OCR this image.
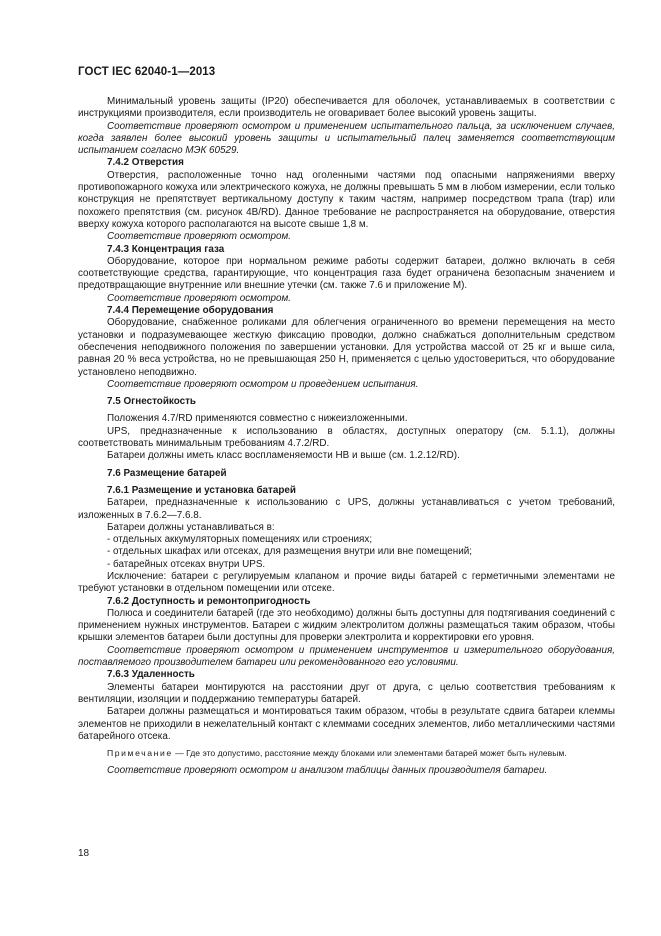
ГОСТ IEC 62040-1—2013

Минимальный уровень защиты (IP20) обеспечивается для оболочек, устанавливаемых в соответствии с инструкциями производителя, если производитель не оговаривает более высокий уровень защиты.

Соответствие проверяют осмотром и применением испытательного пальца, за исключением случаев, когда заявлен более высокий уровень защиты и испытательный палец заменяется соответствующим испытанием согласно МЭК 60529.

7.4.2 Отверстия

Отверстия, расположенные точно над оголенными частями под опасными напряжениями вверху противопожарного кожуха или электрического кожуха, не должны превышать 5 мм в любом измерении, если только конструкция не препятствует вертикальному доступу к таким частям, например посредством трапа (trap) или похожего препятствия (см. рисунок 4B/RD). Данное требование не распространяется на оборудование, отверстия вверху кожуха которого располагаются на высоте свыше 1,8 м.

Соответствие проверяют осмотром.

7.4.3 Концентрация газа

Оборудование, которое при нормальном режиме работы содержит батареи, должно включать в себя соответствующие средства, гарантирующие, что концентрация газа будет ограничена безопасным значением и предотвращающие внутренние или внешние утечки (см. также 7.6 и приложение М).

Соответствие проверяют осмотром.

7.4.4 Перемещение оборудования

Оборудование, снабженное роликами для облегчения ограниченного во времени перемещения на место установки и подразумевающее жесткую фиксацию проводки, должно снабжаться дополнительным средством обеспечения неподвижного положения по завершении установки. Для устройства массой от 25 кг и выше сила, равная 20 % веса устройства, но не превышающая 250 Н, применяется с целью удостовериться, что оборудование установлено неподвижно.

Соответствие проверяют осмотром и проведением испытания.

7.5 Огнестойкость

Положения 4.7/RD применяются совместно с нижеизложенными.

UPS, предназначенные к использованию в областях, доступных оператору (см. 5.1.1), должны соответствовать минимальным требованиям 4.7.2/RD.

Батареи должны иметь класс воспламеняемости HB и выше (см. 1.2.12/RD).

7.6 Размещение батарей

7.6.1 Размещение и установка батарей

Батареи, предназначенные к использованию с UPS, должны устанавливаться с учетом требований, изложенных в 7.6.2—7.6.8.

Батареи должны устанавливаться в:

- отдельных аккумуляторных помещениях или строениях;

- отдельных шкафах или отсеках, для размещения внутри или вне помещений;

- батарейных отсеках внутри UPS.

Исключение: батареи с регулируемым клапаном и прочие виды батарей с герметичными элементами не требуют установки в отдельном помещении или отсеке.

7.6.2 Доступность и ремонтопригодность

Полюса и соединители батарей (где это необходимо) должны быть доступны для подтягивания соединений с применением нужных инструментов. Батареи с жидким электролитом должны размещаться таким образом, чтобы крышки элементов батареи были доступны для проверки электролита и корректировки его уровня.

Соответствие проверяют осмотром и применением инструментов и измерительного оборудования, поставляемого производителем батареи или рекомендованного его условиями.

7.6.3 Удаленность

Элементы батареи монтируются на расстоянии друг от друга, с целью соответствия требованиям к вентиляции, изоляции и поддержанию температуры батарей.

Батареи должны размещаться и монтироваться таким образом, чтобы в результате сдвига батареи клеммы элементов не приходили в нежелательный контакт с клеммами соседних элементов, либо металлическими частями батарейного отсека.

Примечание — Где это допустимо, расстояние между блоками или элементами батарей может быть нулевым.

Соответствие проверяют осмотром и анализом таблицы данных производителя батареи.

18
